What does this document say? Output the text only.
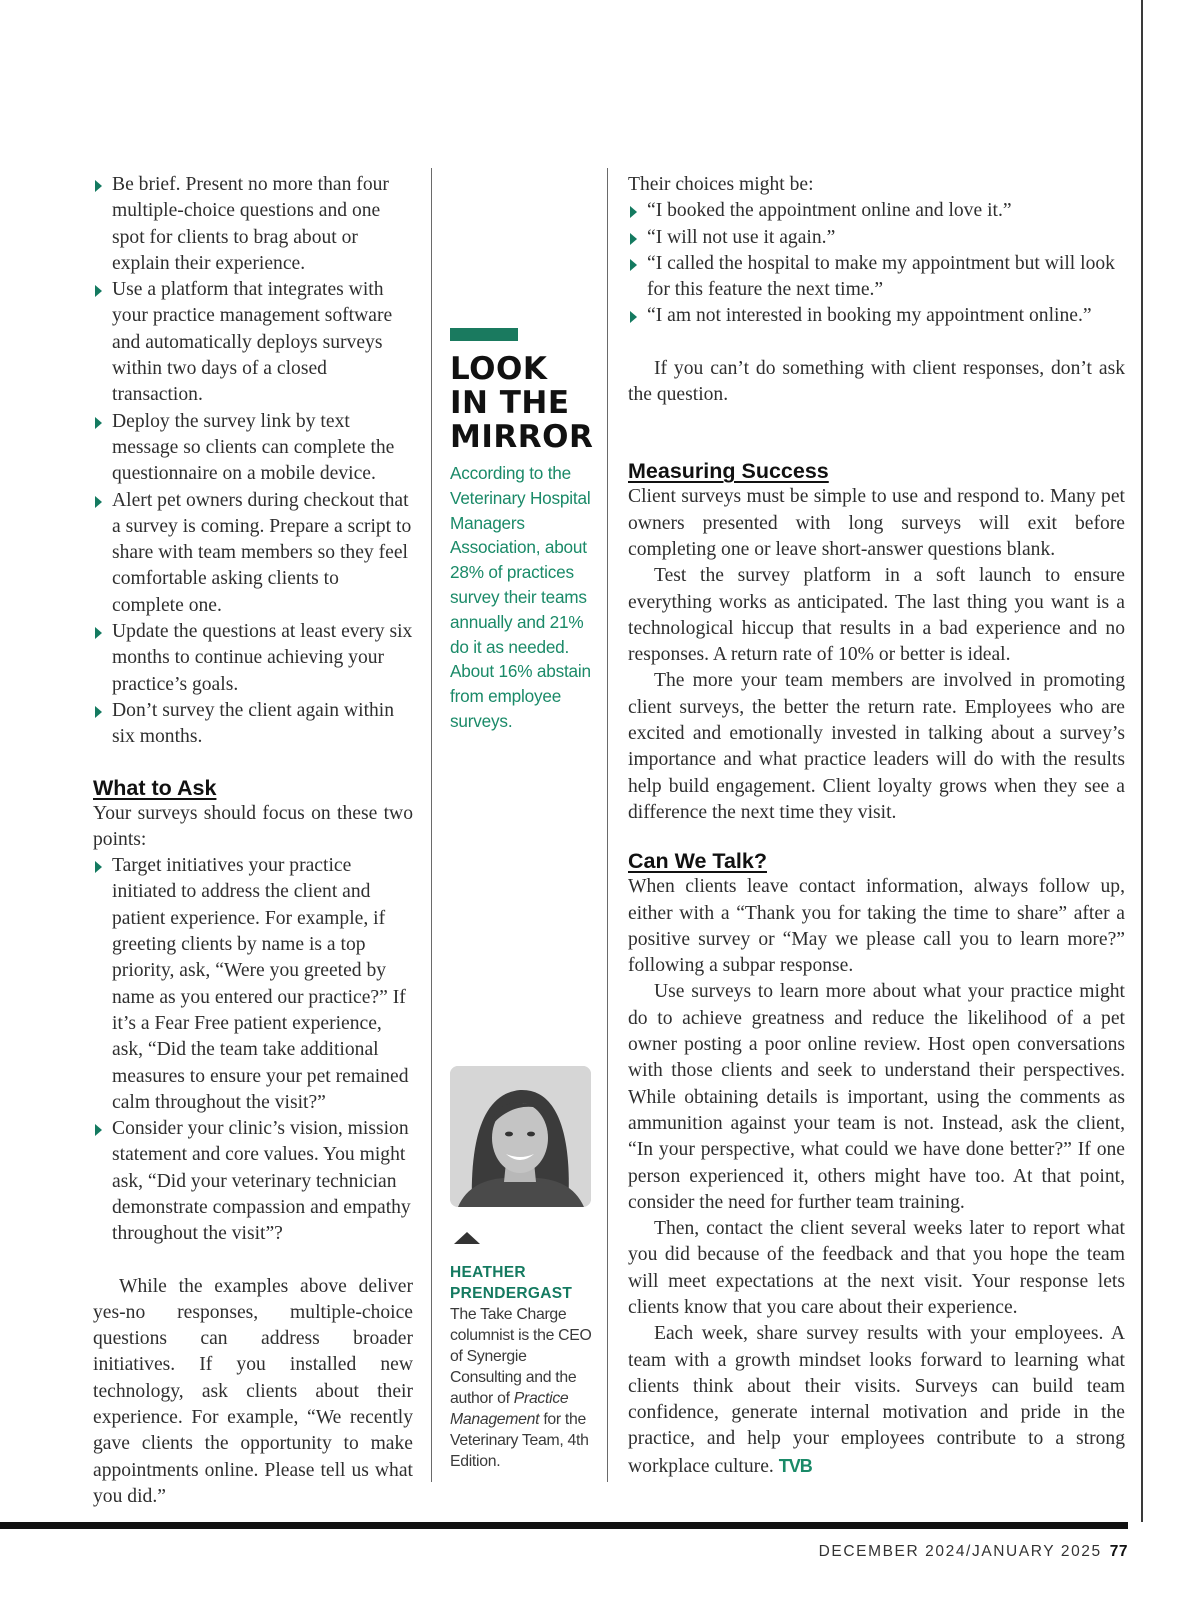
Be brief. Present no more than four multiple-choice questions and one spot for clients to brag about or explain their experience.
Use a platform that integrates with your practice management software and automatically deploys surveys within two days of a closed transaction.
Deploy the survey link by text message so clients can complete the questionnaire on a mobile device.
Alert pet owners during checkout that a survey is coming. Prepare a script to share with team members so they feel comfortable asking clients to complete one.
Update the questions at least every six months to continue achieving your practice’s goals.
Don’t survey the client again within six months.
What to Ask

Your surveys should focus on these two points:

Target initiatives your practice initiated to address the client and patient experience. For example, if greeting clients by name is a top priority, ask, “Were you greeted by name as you entered our practice?” If it’s a Fear Free patient experience, ask, “Did the team take additional measures to ensure your pet remained calm throughout the visit?”
Consider your clinic’s vision, mission statement and core values. You might ask, “Did your veterinary technician demonstrate compassion and empathy throughout the visit”?

While the examples above deliver yes-no responses, multiple-choice questions can address broader initiatives. If you installed new technology, ask clients about their experience. For example, “We recently gave clients the opportunity to make appointments online. Please tell us what you did.”

LOOK
IN THE
MIRROR
According to the Veterinary Hospital Managers Association, about 28% of practices survey their teams annually and 21% do it as needed. About 16% abstain from employee surveys.
HEATHER
PRENDERGAST
The Take Charge columnist is the CEO of Synergie Consulting and the author of Practice Management for the Veterinary Team, 4th Edition.

Their choices might be:

“I booked the appointment online and love it.”
“I will not use it again.”
“I called the hospital to make my appointment but will look for this feature the next time.”
“I am not interested in booking my appointment online.”

If you can’t do something with client responses, don’t ask the question.

Measuring Success

Client surveys must be simple to use and respond to. Many pet owners presented with long surveys will exit before completing one or leave short-answer questions blank.

Test the survey platform in a soft launch to ensure everything works as anticipated. The last thing you want is a technological hiccup that results in a bad experience and no responses. A return rate of 10% or better is ideal.

The more your team members are involved in promoting client surveys, the better the return rate. Employees who are excited and emotionally invested in talking about a survey’s importance and what practice leaders will do with the results help build engagement. Client loyalty grows when they see a difference the next time they visit.

Can We Talk?

When clients leave contact information, always follow up, either with a “Thank you for taking the time to share” after a positive survey or “May we please call you to learn more?” following a subpar response.

Use surveys to learn more about what your practice might do to achieve greatness and reduce the likelihood of a pet owner posting a poor online review. Host open conversations with those clients and seek to understand their perspectives. While obtaining details is important, using the comments as ammunition against your team is not. Instead, ask the client, “In your perspective, what could we have done better?” If one person experienced it, others might have too. At that point, consider the need for further team training.

Then, contact the client several weeks later to report what you did because of the feedback and that you hope the team will meet expectations at the next visit. Your response lets clients know that you care about their experience.

Each week, share survey results with your employees. A team with a growth mindset looks forward to learning what clients think about their visits. Surveys can build team confidence, generate internal motivation and pride in the practice, and help your employees contribute to a strong workplace culture. TVB

DECEMBER 2024/JANUARY 2025 77
